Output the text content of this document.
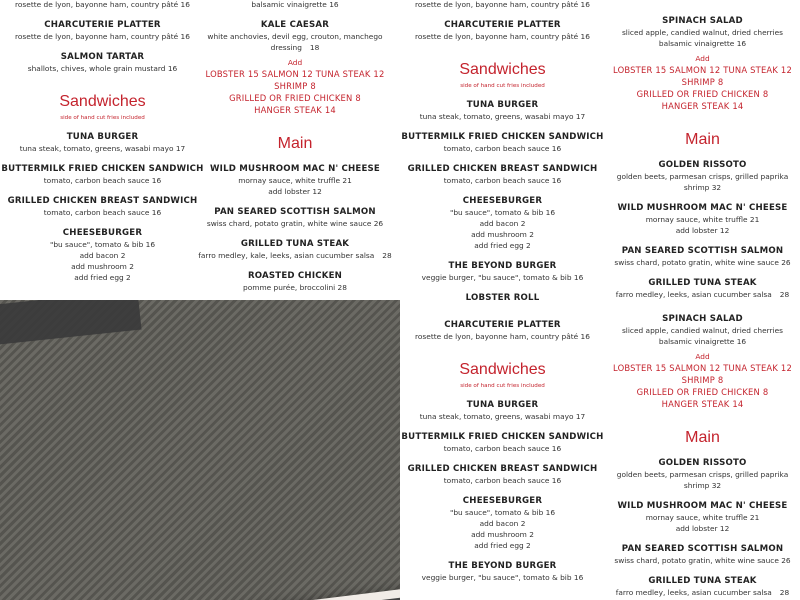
rosette de lyon, bayonne ham, country pâté 16
CHARCUTERIE PLATTER
rosette de lyon, bayonne ham, country pâté 16
SALMON TARTAR
shallots, chives, whole grain mustard 16
Sandwiches
side of hand cut fries included
TUNA BURGER
tuna steak, tomato, greens, wasabi mayo 17
BUTTERMILK FRIED CHICKEN SANDWICH
tomato, carbon beach sauce 16
GRILLED CHICKEN BREAST SANDWICH
tomato, carbon beach sauce 16
CHEESEBURGER
"bu sauce", tomato & bib 16
add bacon 2
add mushroom 2
add fried egg 2
balsamic vinaigrette 16
KALE CAESAR
white anchovies, devil egg, crouton, manchego dressing 18
Add
LOBSTER 15 SALMON 12 TUNA STEAK 12 SHRIMP 8
GRILLED OR FRIED CHICKEN 8
HANGER STEAK 14
Main
WILD MUSHROOM MAC N' CHEESE
mornay sauce, white truffle 21
add lobster 12
PAN SEARED SCOTTISH SALMON
swiss chard, potato gratin, white wine sauce 26
GRILLED TUNA STEAK
farro medley, kale, leeks, asian cucumber salsa 28
ROASTED CHICKEN
pomme purée, broccolini 28
rosette de lyon, bayonne ham, country pâté 16
CHARCUTERIE PLATTER
rosette de lyon, bayonne ham, country pâté 16
Sandwiches
side of hand cut fries included
TUNA BURGER
tuna steak, tomato, greens, wasabi mayo 17
BUTTERMILK FRIED CHICKEN SANDWICH
tomato, carbon beach sauce 16
GRILLED CHICKEN BREAST SANDWICH
tomato, carbon beach sauce 16
CHEESEBURGER
"bu sauce", tomato & bib 16
add bacon 2
add mushroom 2
add fried egg 2
THE BEYOND BURGER
veggie burger, "bu sauce", tomato & bib 16
LOBSTER ROLL
SPINACH SALAD
sliced apple, candied walnut, dried cherries
balsamic vinaigrette 16
Add
LOBSTER 15 SALMON 12 TUNA STEAK 12 SHRIMP 8
GRILLED OR FRIED CHICKEN 8
HANGER STEAK 14
Main
GOLDEN RISSOTO
golden beets, parmesan crisps, grilled paprika shrimp 32
WILD MUSHROOM MAC N' CHEESE
mornay sauce, white truffle 21
add lobster 12
PAN SEARED SCOTTISH SALMON
swiss chard, potato gratin, white wine sauce 26
GRILLED TUNA STEAK
farro medley, leeks, asian cucumber salsa 28
CHARCUTERIE PLATTER
rosette de lyon, bayonne ham, country pâté 16
Sandwiches
side of hand cut fries included
TUNA BURGER
tuna steak, tomato, greens, wasabi mayo 17
BUTTERMILK FRIED CHICKEN SANDWICH
tomato, carbon beach sauce 16
GRILLED CHICKEN BREAST SANDWICH
tomato, carbon beach sauce 16
CHEESEBURGER
"bu sauce", tomato & bib 16
add bacon 2
add mushroom 2
add fried egg 2
THE BEYOND BURGER
veggie burger, "bu sauce", tomato & bib 16
SPINACH SALAD
sliced apple, candied walnut, dried cherries
balsamic vinaigrette 16
Add
LOBSTER 15 SALMON 12 TUNA STEAK 12 SHRIMP 8
GRILLED OR FRIED CHICKEN 8
HANGER STEAK 14
Main
GOLDEN RISSOTO
golden beets, parmesan crisps, grilled paprika shrimp 32
WILD MUSHROOM MAC N' CHEESE
mornay sauce, white truffle 21
add lobster 12
PAN SEARED SCOTTISH SALMON
swiss chard, potato gratin, white wine sauce 26
GRILLED TUNA STEAK
farro medley, leeks, asian cucumber salsa 28
